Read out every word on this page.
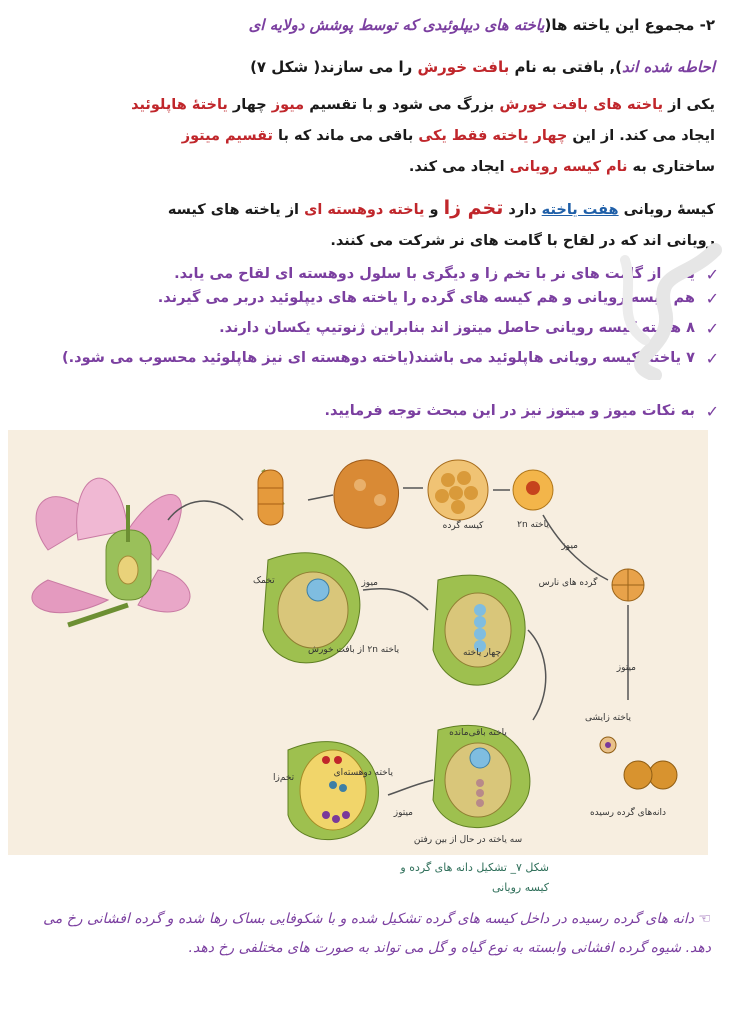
۲- مجموع این یاخته ها(یاخته های دیپلوئیدی که توسط پوشش دولایه ای
احاطه شده اند), بافتی به نام بافت خورش را می سازند( شکل ۷)
یکی از یاخته های بافت خورش بزرگ می شود و با تقسیم میوز چهار یاختهٔ هاپلوئید
ایجاد می کند. از این چهار یاخته فقط یکی باقی می ماند که با تقسیم میتوز
ساختاری به نام کیسه رویانی ایجاد می کند.
کیسهٔ رویانی هفت یاخته دارد تخم زا و یاخته دوهسته ای از یاخته های کیسه
رویانی اند که در لقاح با گامت های نر شرکت می کنند.
✓
یکی از گامت های نر با تخم زا و دیگری با سلول دوهسته ای لقاح می یابد.
✓
هم کیسه رویانی و هم کیسه های گرده را یاخته های دیپلوئید دربر می گیرند.
✓
۸ هسته کیسه رویانی حاصل میتوز اند بنابراین ژنوتیپ یکسان دارند.
✓
۷ یاخته کیسه رویانی هاپلوئید می باشند(یاخته دوهسته ای نیز هاپلوئید محسوب می شود.)
✓
به نکات میوز و میتوز نیز در این مبحث توجه فرمایید.
کیسه گرده	یاخته ۲n
میوز
گرده های نارس
میتوز
یاخته زایشی
دانه‌های گرده رسیده
تخمک
یاخته ۲n از بافت خورش
میوز
چهار یاخته
یاخته باقی‌مانده
سه یاخته در حال از بین رفتن
میتوز
تخم‌زا	یاخته دوهسته‌ای
شکل ۷_ تشکیل دانه های گرده و
کیسه رویانی
☜ دانه های گرده رسیده در داخل کیسه های گرده تشکیل شده و با شکوفایی بساک رها شده و گرده افشانی رخ می دهد. شیوه گرده افشانی وابسته به نوع گیاه و گل می تواند به صورت های مختلفی رخ دهد.
